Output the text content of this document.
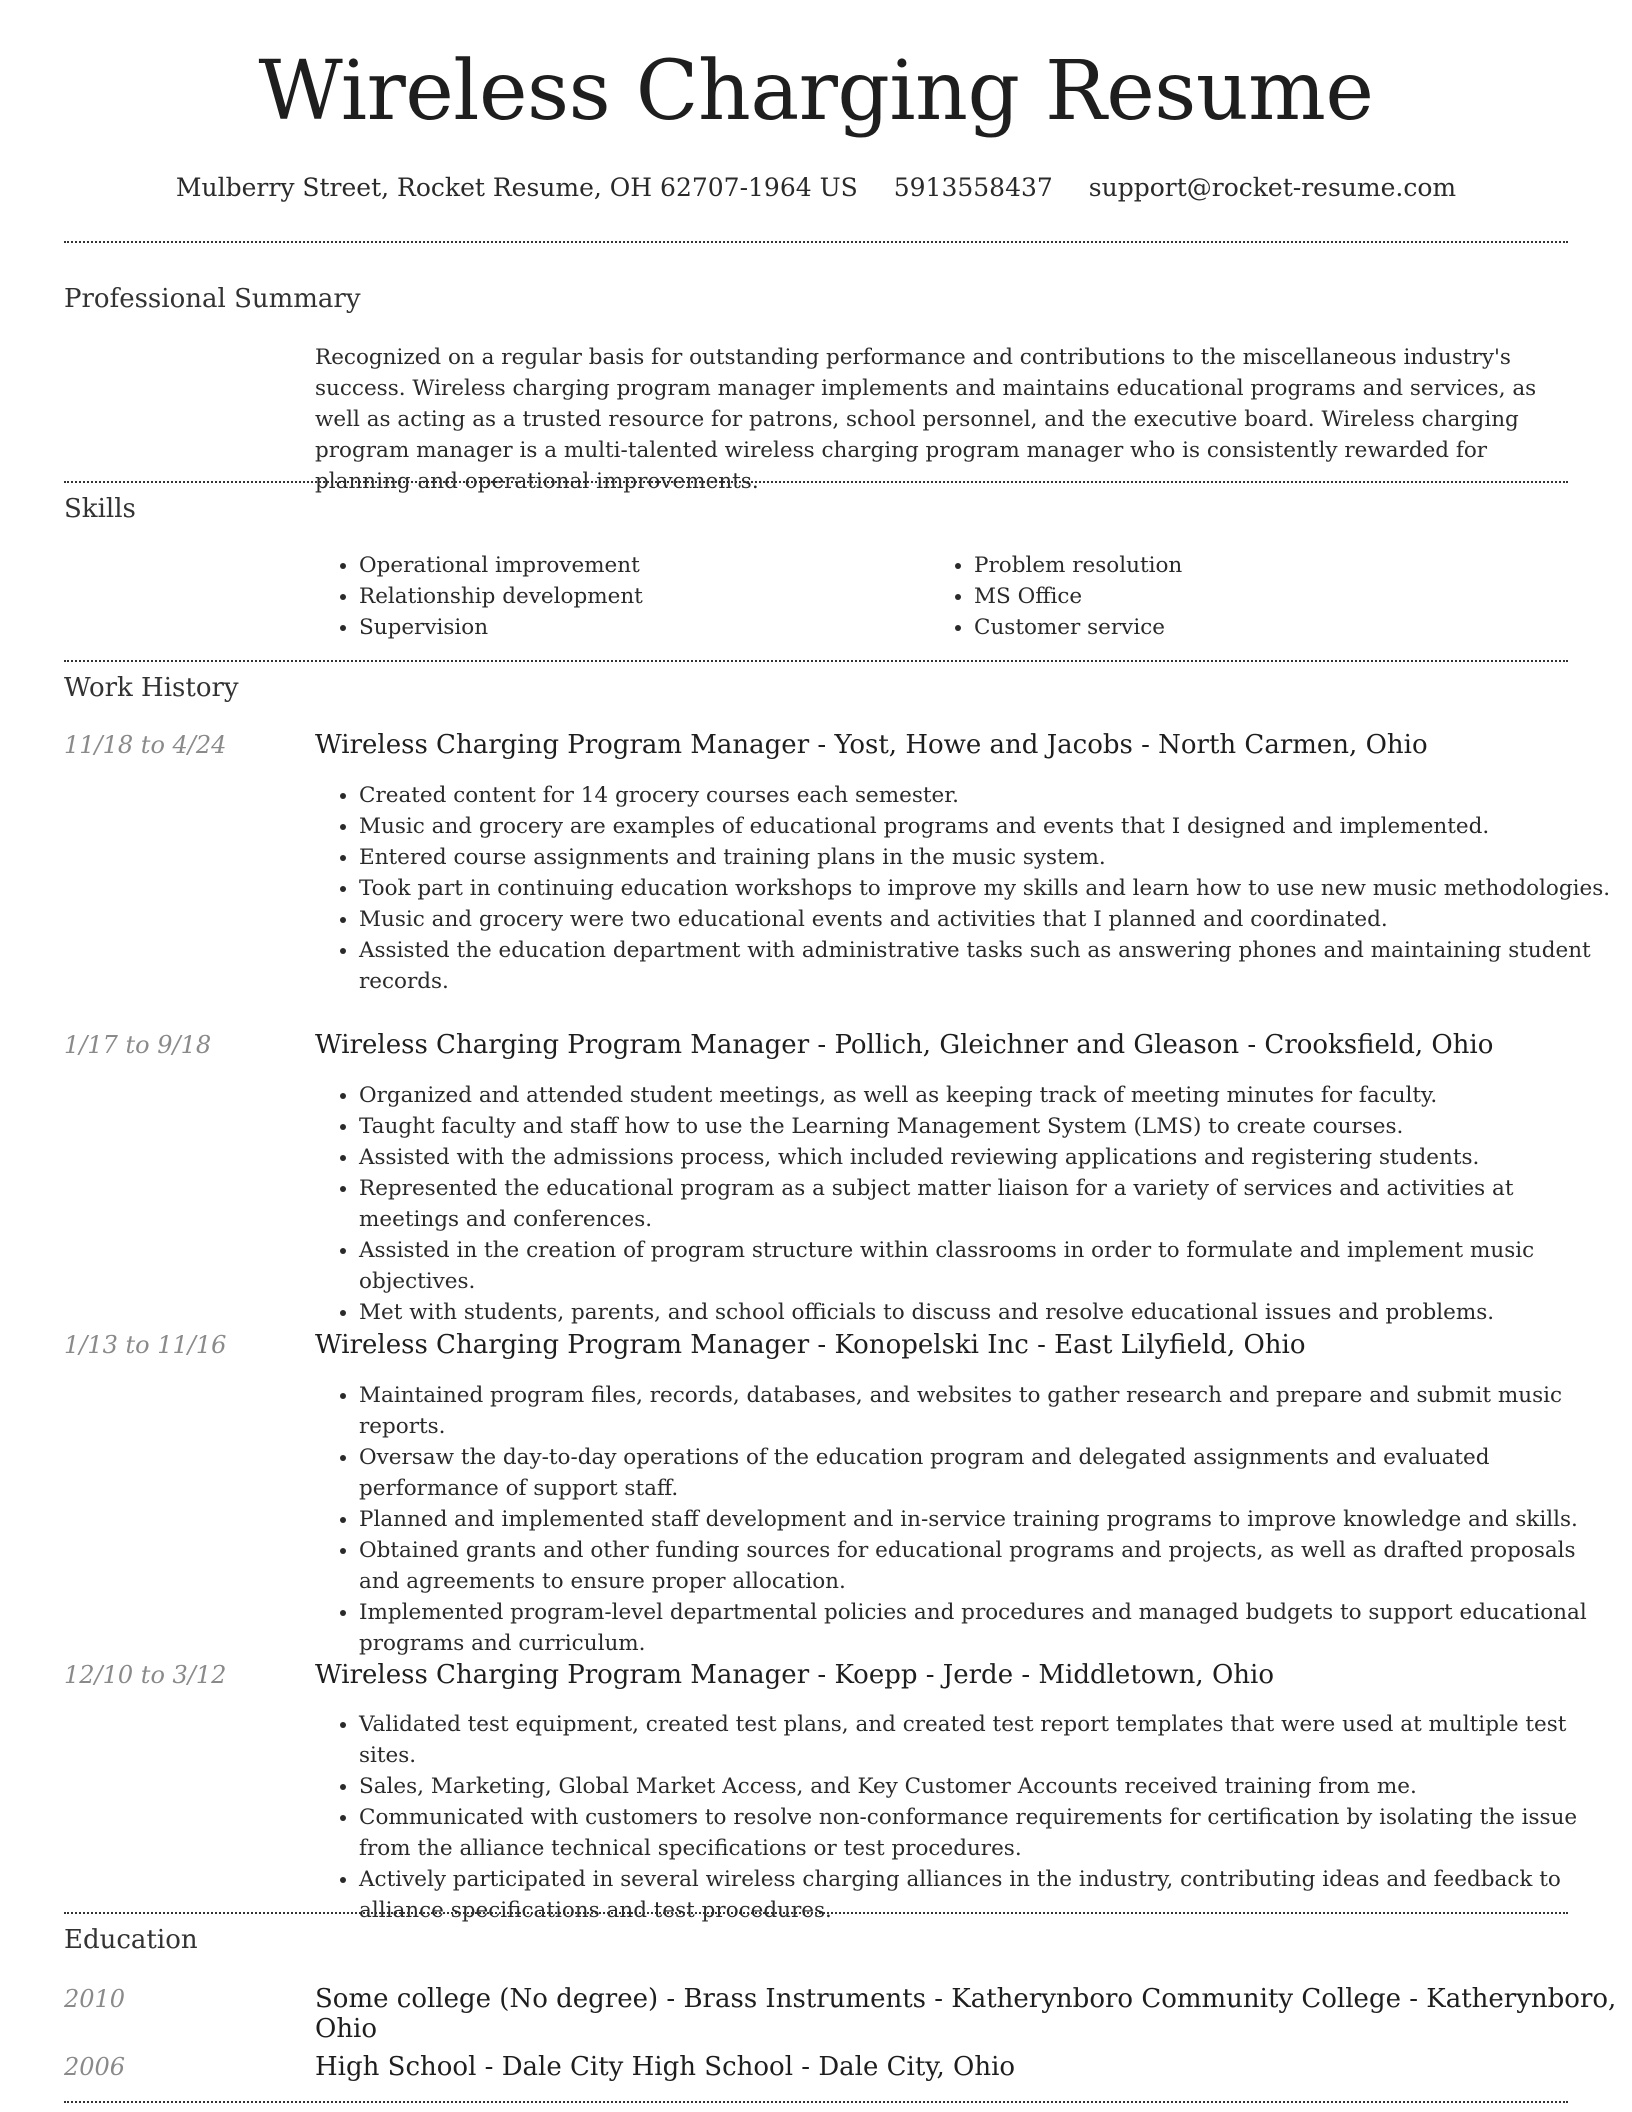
Wireless Charging Resume
Mulberry Street, Rocket Resume, OH 62707-1964 US 5913558437 support@rocket-resume.com
Professional Summary

Recognized on a regular basis for outstanding performance and contributions to the miscellaneous industry's success. Wireless charging program manager implements and maintains educational programs and services, as well as acting as a trusted resource for patrons, school personnel, and the executive board. Wireless charging program manager is a multi-talented wireless charging program manager who is consistently rewarded for planning and operational improvements.

Skills
• Operational improvement
• Relationship development
• Supervision
• Problem resolution
• MS Office
• Customer service
Work History
11/18 to 4/24	Wireless Charging Program Manager - Yost, Howe and Jacobs - North Carmen, Ohio
• Created content for 14 grocery courses each semester.
• Music and grocery are examples of educational programs and events that I designed and implemented.
• Entered course assignments and training plans in the music system.
• Took part in continuing education workshops to improve my skills and learn how to use new music methodologies.
• Music and grocery were two educational events and activities that I planned and coordinated.
• Assisted the education department with administrative tasks such as answering phones and maintaining student records.
1/17 to 9/18	Wireless Charging Program Manager - Pollich, Gleichner and Gleason - Crooksfield, Ohio
• Organized and attended student meetings, as well as keeping track of meeting minutes for faculty.
• Taught faculty and staff how to use the Learning Management System (LMS) to create courses.
• Assisted with the admissions process, which included reviewing applications and registering students.
• Represented the educational program as a subject matter liaison for a variety of services and activities at meetings and conferences.
• Assisted in the creation of program structure within classrooms in order to formulate and implement music objectives.
• Met with students, parents, and school officials to discuss and resolve educational issues and problems.
1/13 to 11/16	Wireless Charging Program Manager - Konopelski Inc - East Lilyfield, Ohio
• Maintained program files, records, databases, and websites to gather research and prepare and submit music reports.
• Oversaw the day-to-day operations of the education program and delegated assignments and evaluated performance of support staff.
• Planned and implemented staff development and in-service training programs to improve knowledge and skills.
• Obtained grants and other funding sources for educational programs and projects, as well as drafted proposals and agreements to ensure proper allocation.
• Implemented program-level departmental policies and procedures and managed budgets to support educational programs and curriculum.
12/10 to 3/12	Wireless Charging Program Manager - Koepp - Jerde - Middletown, Ohio
• Validated test equipment, created test plans, and created test report templates that were used at multiple test sites.
• Sales, Marketing, Global Market Access, and Key Customer Accounts received training from me.
• Communicated with customers to resolve non-conformance requirements for certification by isolating the issue from the alliance technical specifications or test procedures.
• Actively participated in several wireless charging alliances in the industry, contributing ideas and feedback to alliance specifications and test procedures.
Education
2010	Some college (No degree) - Brass Instruments - Katherynboro Community College - Katherynboro, Ohio
2006	High School - Dale City High School - Dale City, Ohio
